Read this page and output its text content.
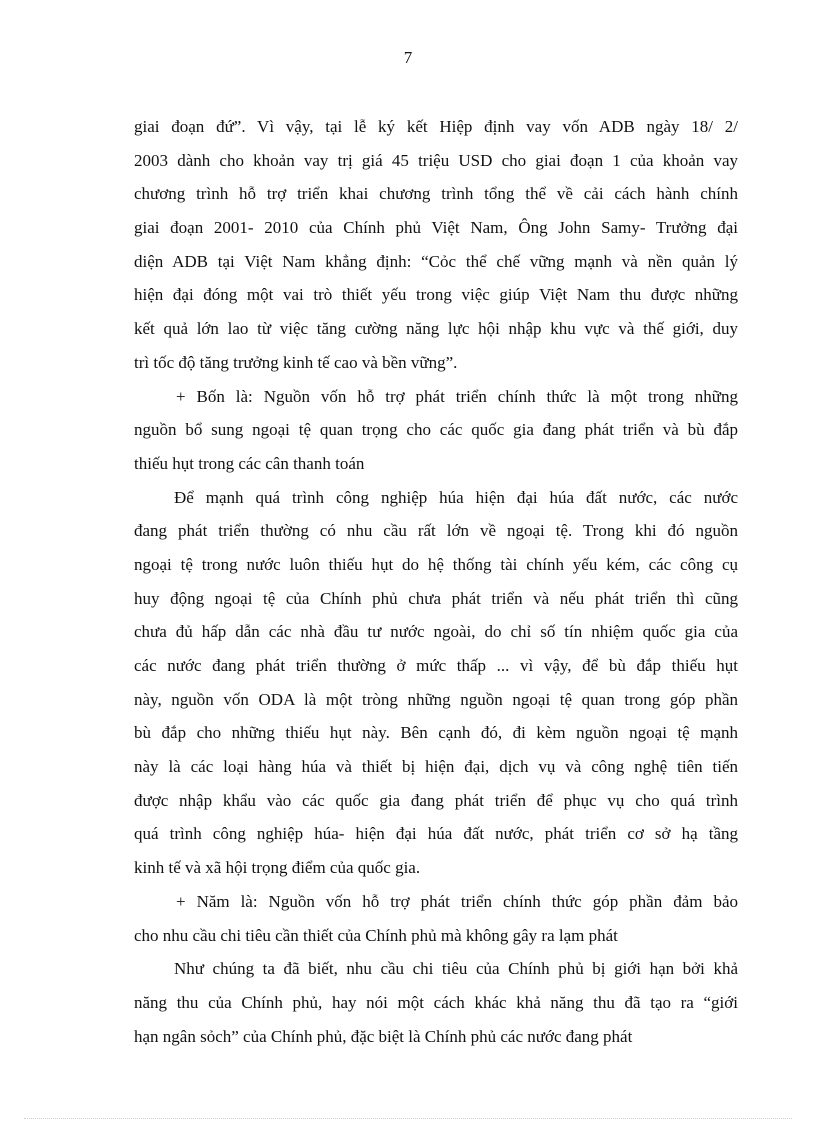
7
giai đoạn đứ”. Vì vậy, tại lễ ký kết Hiệp định vay vốn ADB ngày 18/ 2/
2003 dành cho khoản vay trị giá 45 triệu USD cho giai đoạn 1 của khoản vay
chương trình hỗ trợ triển khai chương trình tổng thể về cải cách hành chính
giai đoạn 2001- 2010 của Chính phủ Việt Nam, Ông John Samy- Trưởng đại
diện ADB tại Việt Nam khẳng định: “Cỏc thể chế vững mạnh và nền quản lý
hiện đại đóng một vai trò thiết yếu trong việc giúp Việt Nam thu được những
kết quả lớn lao từ việc tăng cường năng lực hội nhập khu vực và thế giới, duy
trì tốc độ tăng trưởng kinh tế cao và bền vững”.
+ Bốn là: Nguồn vốn hỗ trợ phát triển chính thức là một trong những
nguồn bổ sung ngoại tệ quan trọng cho các quốc gia đang phát triển và bù đắp
thiếu hụt trong các cân thanh toán
Để mạnh quá trình công nghiệp húa hiện đại húa đất nước, các nước
đang phát triển thường có nhu cầu rất lớn về ngoại tệ. Trong khi đó nguồn
ngoại tệ trong nước luôn thiếu hụt do hệ thống tài chính yếu kém, các công cụ
huy động ngoại tệ của Chính phủ chưa phát triển và nếu phát triển thì cũng
chưa đủ hấp dẫn các nhà đầu tư nước ngoài, do chỉ số tín nhiệm quốc gia của
các nước đang phát triển thường ở mức thấp ... vì vậy, để bù đắp thiếu hụt
này, nguồn vốn ODA là một tròng những nguồn ngoại tệ quan trong góp phần
bù đắp cho những thiếu hụt này. Bên cạnh đó, đi kèm nguồn ngoại tệ mạnh
này là các loại hàng húa và thiết bị hiện đại, dịch vụ và công nghệ tiên tiến
được nhập khẩu vào các quốc gia đang phát triển để phục vụ cho quá trình
quá trình công nghiệp húa- hiện đại húa đất nước, phát triển cơ sở hạ tầng
kinh tế và xã hội trọng điểm của quốc gia.
+ Năm là: Nguồn vốn hỗ trợ phát triển chính thức góp phần đảm bảo
cho nhu cầu chi tiêu cần thiết của Chính phủ mà không gây ra lạm phát
Như chúng ta đã biết, nhu cầu chi tiêu của Chính phủ bị giới hạn bởi khả
năng thu của Chính phủ, hay nói một cách khác khả năng thu đã tạo ra “giới
hạn ngân sỏch” của Chính phủ, đặc biệt là Chính phủ các nước đang phát
